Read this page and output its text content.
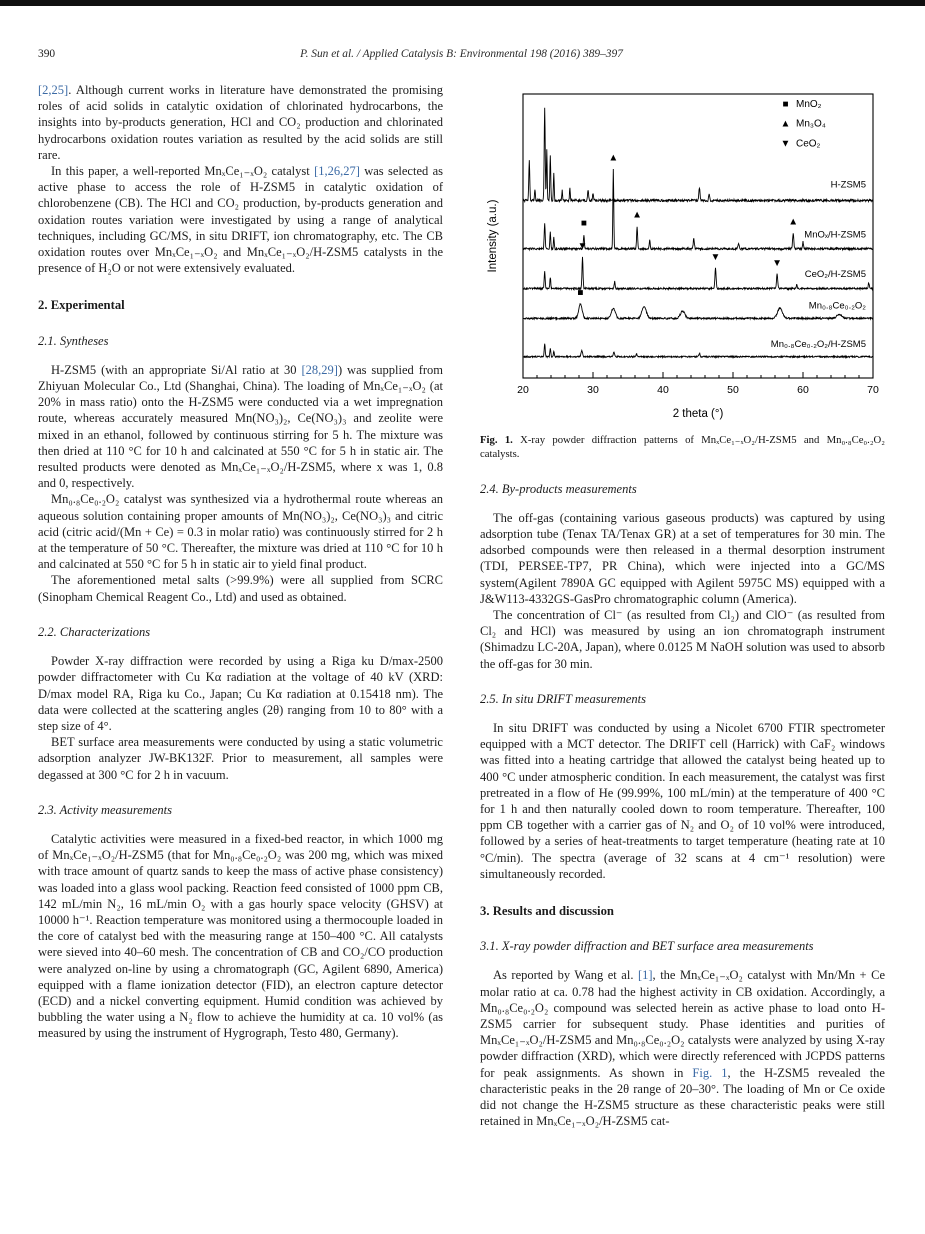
390	P. Sun et al. / Applied Catalysis B: Environmental 198 (2016) 389–397

[2,25]. Although current works in literature have demonstrated the promising roles of acid solids in catalytic oxidation of chlorinated hydrocarbons, the insights into by-products generation, HCl and CO₂ production and chlorinated hydrocarbons oxidation routes variation as resulted by the acid solids are still rare.

In this paper, a well-reported MnₓCe₁₋ₓO₂ catalyst [1,26,27] was selected as active phase to access the role of H-ZSM5 in catalytic oxidation of chlorobenzene (CB). The HCl and CO₂ production, by-products generation and oxidation routes variation were investigated by using a range of analytical techniques, including GC/MS, in situ DRIFT, ion chromatography, etc. The CB oxidation routes over MnₓCe₁₋ₓO₂ and MnₓCe₁₋ₓO₂/H-ZSM5 catalysts in the presence of H₂O or not were extensively evaluated.

2. Experimental
2.1. Syntheses

H-ZSM5 (with an appropriate Si/Al ratio at 30 [28,29]) was supplied from Zhiyuan Molecular Co., Ltd (Shanghai, China). The loading of MnₓCe₁₋ₓO₂ (at 20% in mass ratio) onto the H-ZSM5 were conducted via a wet impregnation route, whereas accurately measured Mn(NO₃)₂, Ce(NO₃)₃ and zeolite were mixed in an ethanol, followed by continuous stirring for 5 h. The mixture was then dried at 110 °C for 10 h and calcinated at 550 °C for 5 h in static air. The resulted products were denoted as MnₓCe₁₋ₓO₂/H-ZSM5, where x was 1, 0.8 and 0, respectively.

Mn₀.₈Ce₀.₂O₂ catalyst was synthesized via a hydrothermal route whereas an aqueous solution containing proper amounts of Mn(NO₃)₂, Ce(NO₃)₃ and citric acid (citric acid/(Mn + Ce) = 0.3 in molar ratio) was continuously stirred for 2 h at the temperature of 50 °C. Thereafter, the mixture was dried at 110 °C for 10 h and calcinated at 550 °C for 5 h in static air to yield final product.

The aforementioned metal salts (>99.9%) were all supplied from SCRC (Sinopham Chemical Reagent Co., Ltd) and used as obtained.

2.2. Characterizations

Powder X-ray diffraction were recorded by using a Riga ku D/max-2500 powder diffractometer with Cu Kα radiation at the voltage of 40 kV (XRD: D/max model RA, Riga ku Co., Japan; Cu Kα radiation at 0.15418 nm). The data were collected at the scattering angles (2θ) ranging from 10 to 80° with a step size of 4°.

BET surface area measurements were conducted by using a static volumetric adsorption analyzer JW-BK132F. Prior to measurement, all samples were degassed at 300 °C for 2 h in vacuum.

2.3. Activity measurements

Catalytic activities were measured in a fixed-bed reactor, in which 1000 mg of MnₓCe₁₋ₓO₂/H-ZSM5 (that for Mn₀.₈Ce₀.₂O₂ was 200 mg, which was mixed with trace amount of quartz sands to keep the mass of active phase consistency) was loaded into a glass wool packing. Reaction feed consisted of 1000 ppm CB, 142 mL/min N₂, 16 mL/min O₂ with a gas hourly space velocity (GHSV) at 10000 h⁻¹. Reaction temperature was monitored using a thermocouple loaded in the core of catalyst bed with the measuring range at 150–400 °C. All catalysts were sieved into 40–60 mesh. The concentration of CB and CO₂/CO production were analyzed on-line by using a chromatograph (GC, Agilent 6890, America) equipped with a flame ionization detector (FID), an electron capture detector (ECD) and a nickel converting equipment. Humid condition was achieved by bubbling the water using a N₂ flow to achieve the humidity at ca. 10 vol% (as measured by using the instrument of Hygrograph, Testo 480, Germany).

20	30	40	50	60	70
2 theta (°)
Intensity (a.u.)
H-ZSM5
MnOₓ/H-ZSM5
■
▲
▲
▲
CeO₂/H-ZSM5
▼
▼
▼
Mn₀.₈Ce₀.₂O₂
■
Mn₀.₈Ce₀.₂O₂/H-ZSM5
■ MnO₂
▲ Mn₃O₄
▼ CeO₂
Fig. 1. X-ray powder diffraction patterns of MnₓCe₁₋ₓO₂/H-ZSM5 and Mn₀.₈Ce₀.₂O₂ catalysts.
2.4. By-products measurements

The off-gas (containing various gaseous products) was captured by using adsorption tube (Tenax TA/Tenax GR) at a set of temperatures for 30 min. The adsorbed compounds were then released in a thermal desorption instrument (TDI, PERSEE-TP7, PR China), which were injected into a GC/MS system(Agilent 7890A GC equipped with Agilent 5975C MS) equipped with a J&W113-4332GS-GasPro chromatographic column (America).

The concentration of Cl⁻ (as resulted from Cl₂) and ClO⁻ (as resulted from Cl₂ and HCl) was measured by using an ion chromatograph instrument (Shimadzu LC-20A, Japan), where 0.0125 M NaOH solution was used to absorb the off-gas for 30 min.

2.5. In situ DRIFT measurements

In situ DRIFT was conducted by using a Nicolet 6700 FTIR spectrometer equipped with a MCT detector. The DRIFT cell (Harrick) with CaF₂ windows was fitted into a heating cartridge that allowed the catalyst being heated up to 400 °C under atmospheric condition. In each measurement, the catalyst was first pretreated in a flow of He (99.99%, 100 mL/min) at the temperature of 400 °C for 1 h and then naturally cooled down to room temperature. Thereafter, 100 ppm CB together with a carrier gas of N₂ and O₂ of 10 vol% were introduced, followed by a series of heat-treatments to target temperature (heating rate at 10 °C/min). The spectra (average of 32 scans at 4 cm⁻¹ resolution) were simultaneously recorded.

3. Results and discussion
3.1. X-ray powder diffraction and BET surface area measurements

As reported by Wang et al. [1], the MnₓCe₁₋ₓO₂ catalyst with Mn/Mn + Ce molar ratio at ca. 0.78 had the highest activity in CB oxidation. Accordingly, a Mn₀.₈Ce₀.₂O₂ compound was selected herein as active phase to load onto H-ZSM5 carrier for subsequent study. Phase identities and purities of MnₓCe₁₋ₓO₂/H-ZSM5 and Mn₀.₈Ce₀.₂O₂ catalysts were analyzed by using X-ray powder diffraction (XRD), which were directly referenced with JCPDS patterns for peak assignments. As shown in Fig. 1, the H-ZSM5 revealed the characteristic peaks in the 2θ range of 20–30°. The loading of Mn or Ce oxide did not change the H-ZSM5 structure as these characteristic peaks were still retained in MnₓCe₁₋ₓO₂/H-ZSM5 cat-
